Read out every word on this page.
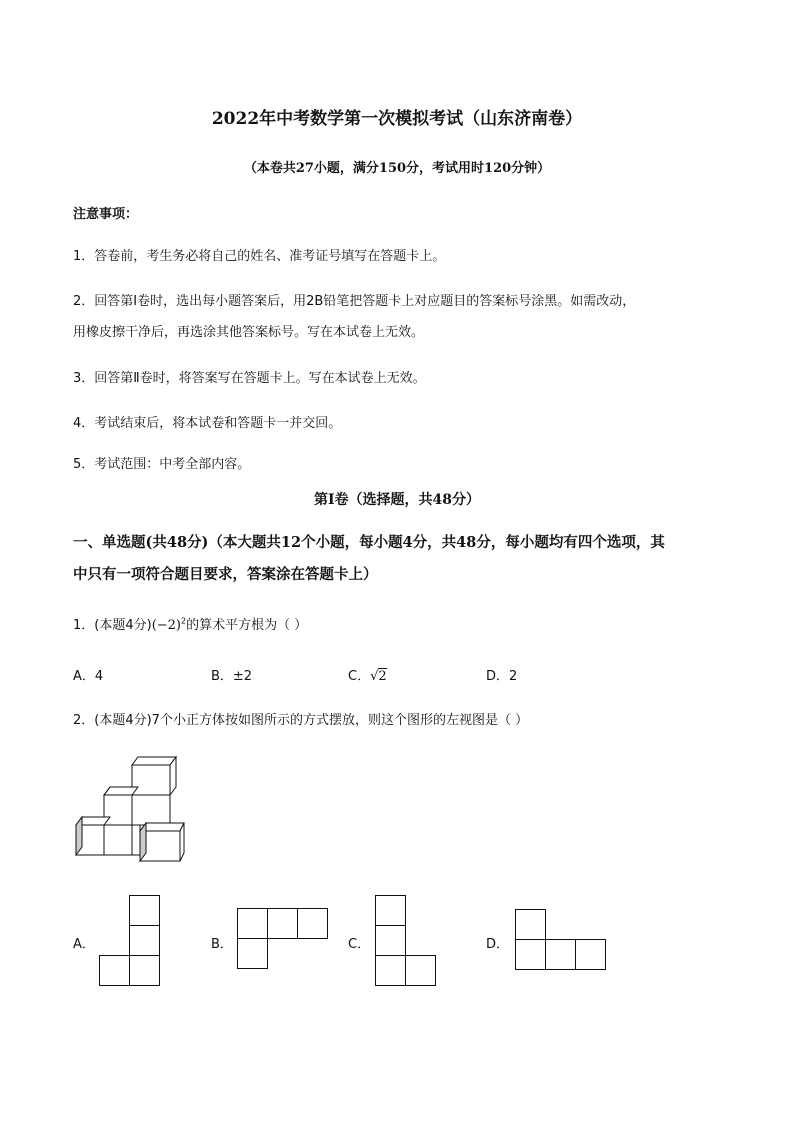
2022年中考数学第一次模拟考试（山东济南卷）
（本卷共27小题，满分150分，考试用时120分钟）
注意事项：
1．答卷前，考生务必将自己的姓名、准考证号填写在答题卡上。
2．回答第Ⅰ卷时，选出每小题答案后，用2B铅笔把答题卡上对应题目的答案标号涂黑。如需改动，
用橡皮擦干净后，再选涂其他答案标号。写在本试卷上无效。
3．回答第Ⅱ卷时，将答案写在答题卡上。写在本试卷上无效。
4．考试结束后，将本试卷和答题卡一并交回。
5．考试范围：中考全部内容。
第Ⅰ卷（选择题，共48分）
一、单选题(共48分)（本大题共12个小题，每小题4分，共48分，每小题均有四个选项，其
中只有一项符合题目要求，答案涂在答题卡上）
1．(本题4分)$(-2)^2$的算术平方根为（ ）
A．4	B．±2	C．√2	D．2
2．(本题4分)7个小正方体按如图所示的方式摆放，则这个图形的左视图是（ ）
A．	B．	C．	D．
